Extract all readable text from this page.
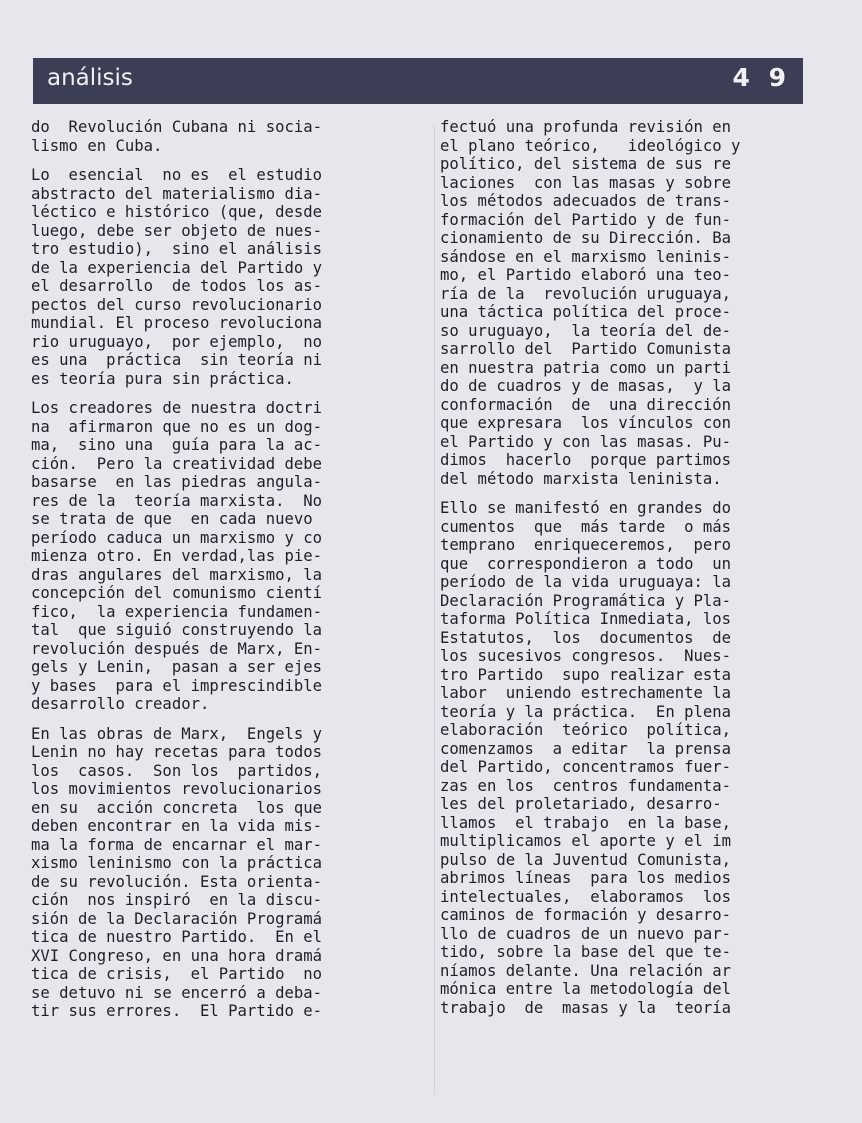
análisis	4 9
do  Revolución Cubana ni socia-
lismo en Cuba.
Lo  esencial  no es  el estudio
abstracto del materialismo dia-
léctico e histórico (que, desde
luego, debe ser objeto de nues-
tro estudio),  sino el análisis
de la experiencia del Partido y
el desarrollo  de todos los as-
pectos del curso revolucionario
mundial. El proceso revoluciona
rio uruguayo,  por ejemplo,  no
es una  práctica  sin teoría ni
es teoría pura sin práctica.
Los creadores de nuestra doctri
na  afirmaron que no es un dog-
ma,  sino una  guía para la ac-
ción.  Pero la creatividad debe
basarse  en las piedras angula-
res de la  teoría marxista.  No
se trata de que  en cada nuevo
período caduca un marxismo y co
mienza otro. En verdad,las pie-
dras angulares del marxismo, la
concepción del comunismo cientí
fico,  la experiencia fundamen-
tal  que siguió construyendo la
revolución después de Marx, En-
gels y Lenin,  pasan a ser ejes
y bases  para el imprescindible
desarrollo creador.
En las obras de Marx,  Engels y
Lenin no hay recetas para todos
los  casos.  Son los  partidos,
los movimientos revolucionarios
en su  acción concreta  los que
deben encontrar en la vida mis-
ma la forma de encarnar el mar-
xismo leninismo con la práctica
de su revolución. Esta orienta-
ción  nos inspiró  en la discu-
sión de la Declaración Programá
tica de nuestro Partido.  En el
XVI Congreso, en una hora dramá
tica de crisis,  el Partido  no
se detuvo ni se encerró a deba-
tir sus errores.  El Partido e-
fectuó una profunda revisión en
el plano teórico,   ideológico y
político, del sistema de sus re
laciones  con las masas y sobre
los métodos adecuados de trans-
formación del Partido y de fun-
cionamiento de su Dirección. Ba
sándose en el marxismo leninis-
mo, el Partido elaboró una teo-
ría de la  revolución uruguaya,
una táctica política del proce-
so uruguayo,  la teoría del de-
sarrollo del  Partido Comunista
en nuestra patria como un parti
do de cuadros y de masas,  y la
conformación  de  una dirección
que expresara  los vínculos con
el Partido y con las masas. Pu-
dimos  hacerlo  porque partimos
del método marxista leninista.
Ello se manifestó en grandes do
cumentos  que  más tarde  o más
temprano  enriqueceremos,  pero
que  correspondieron a todo  un
período de la vida uruguaya: la
Declaración Programática y Pla-
taforma Política Inmediata, los
Estatutos,  los  documentos  de
los sucesivos congresos.  Nues-
tro Partido  supo realizar esta
labor  uniendo estrechamente la
teoría y la práctica.  En plena
elaboración  teórico  política,
comenzamos  a editar  la prensa
del Partido, concentramos fuer-
zas en los  centros fundamenta-
les del proletariado, desarro-
llamos  el trabajo  en la base,
multiplicamos el aporte y el im
pulso de la Juventud Comunista,
abrimos líneas  para los medios
intelectuales,  elaboramos  los
caminos de formación y desarro-
llo de cuadros de un nuevo par-
tido, sobre la base del que te-
níamos delante. Una relación ar
mónica entre la metodología del
trabajo  de  masas y la  teoría
